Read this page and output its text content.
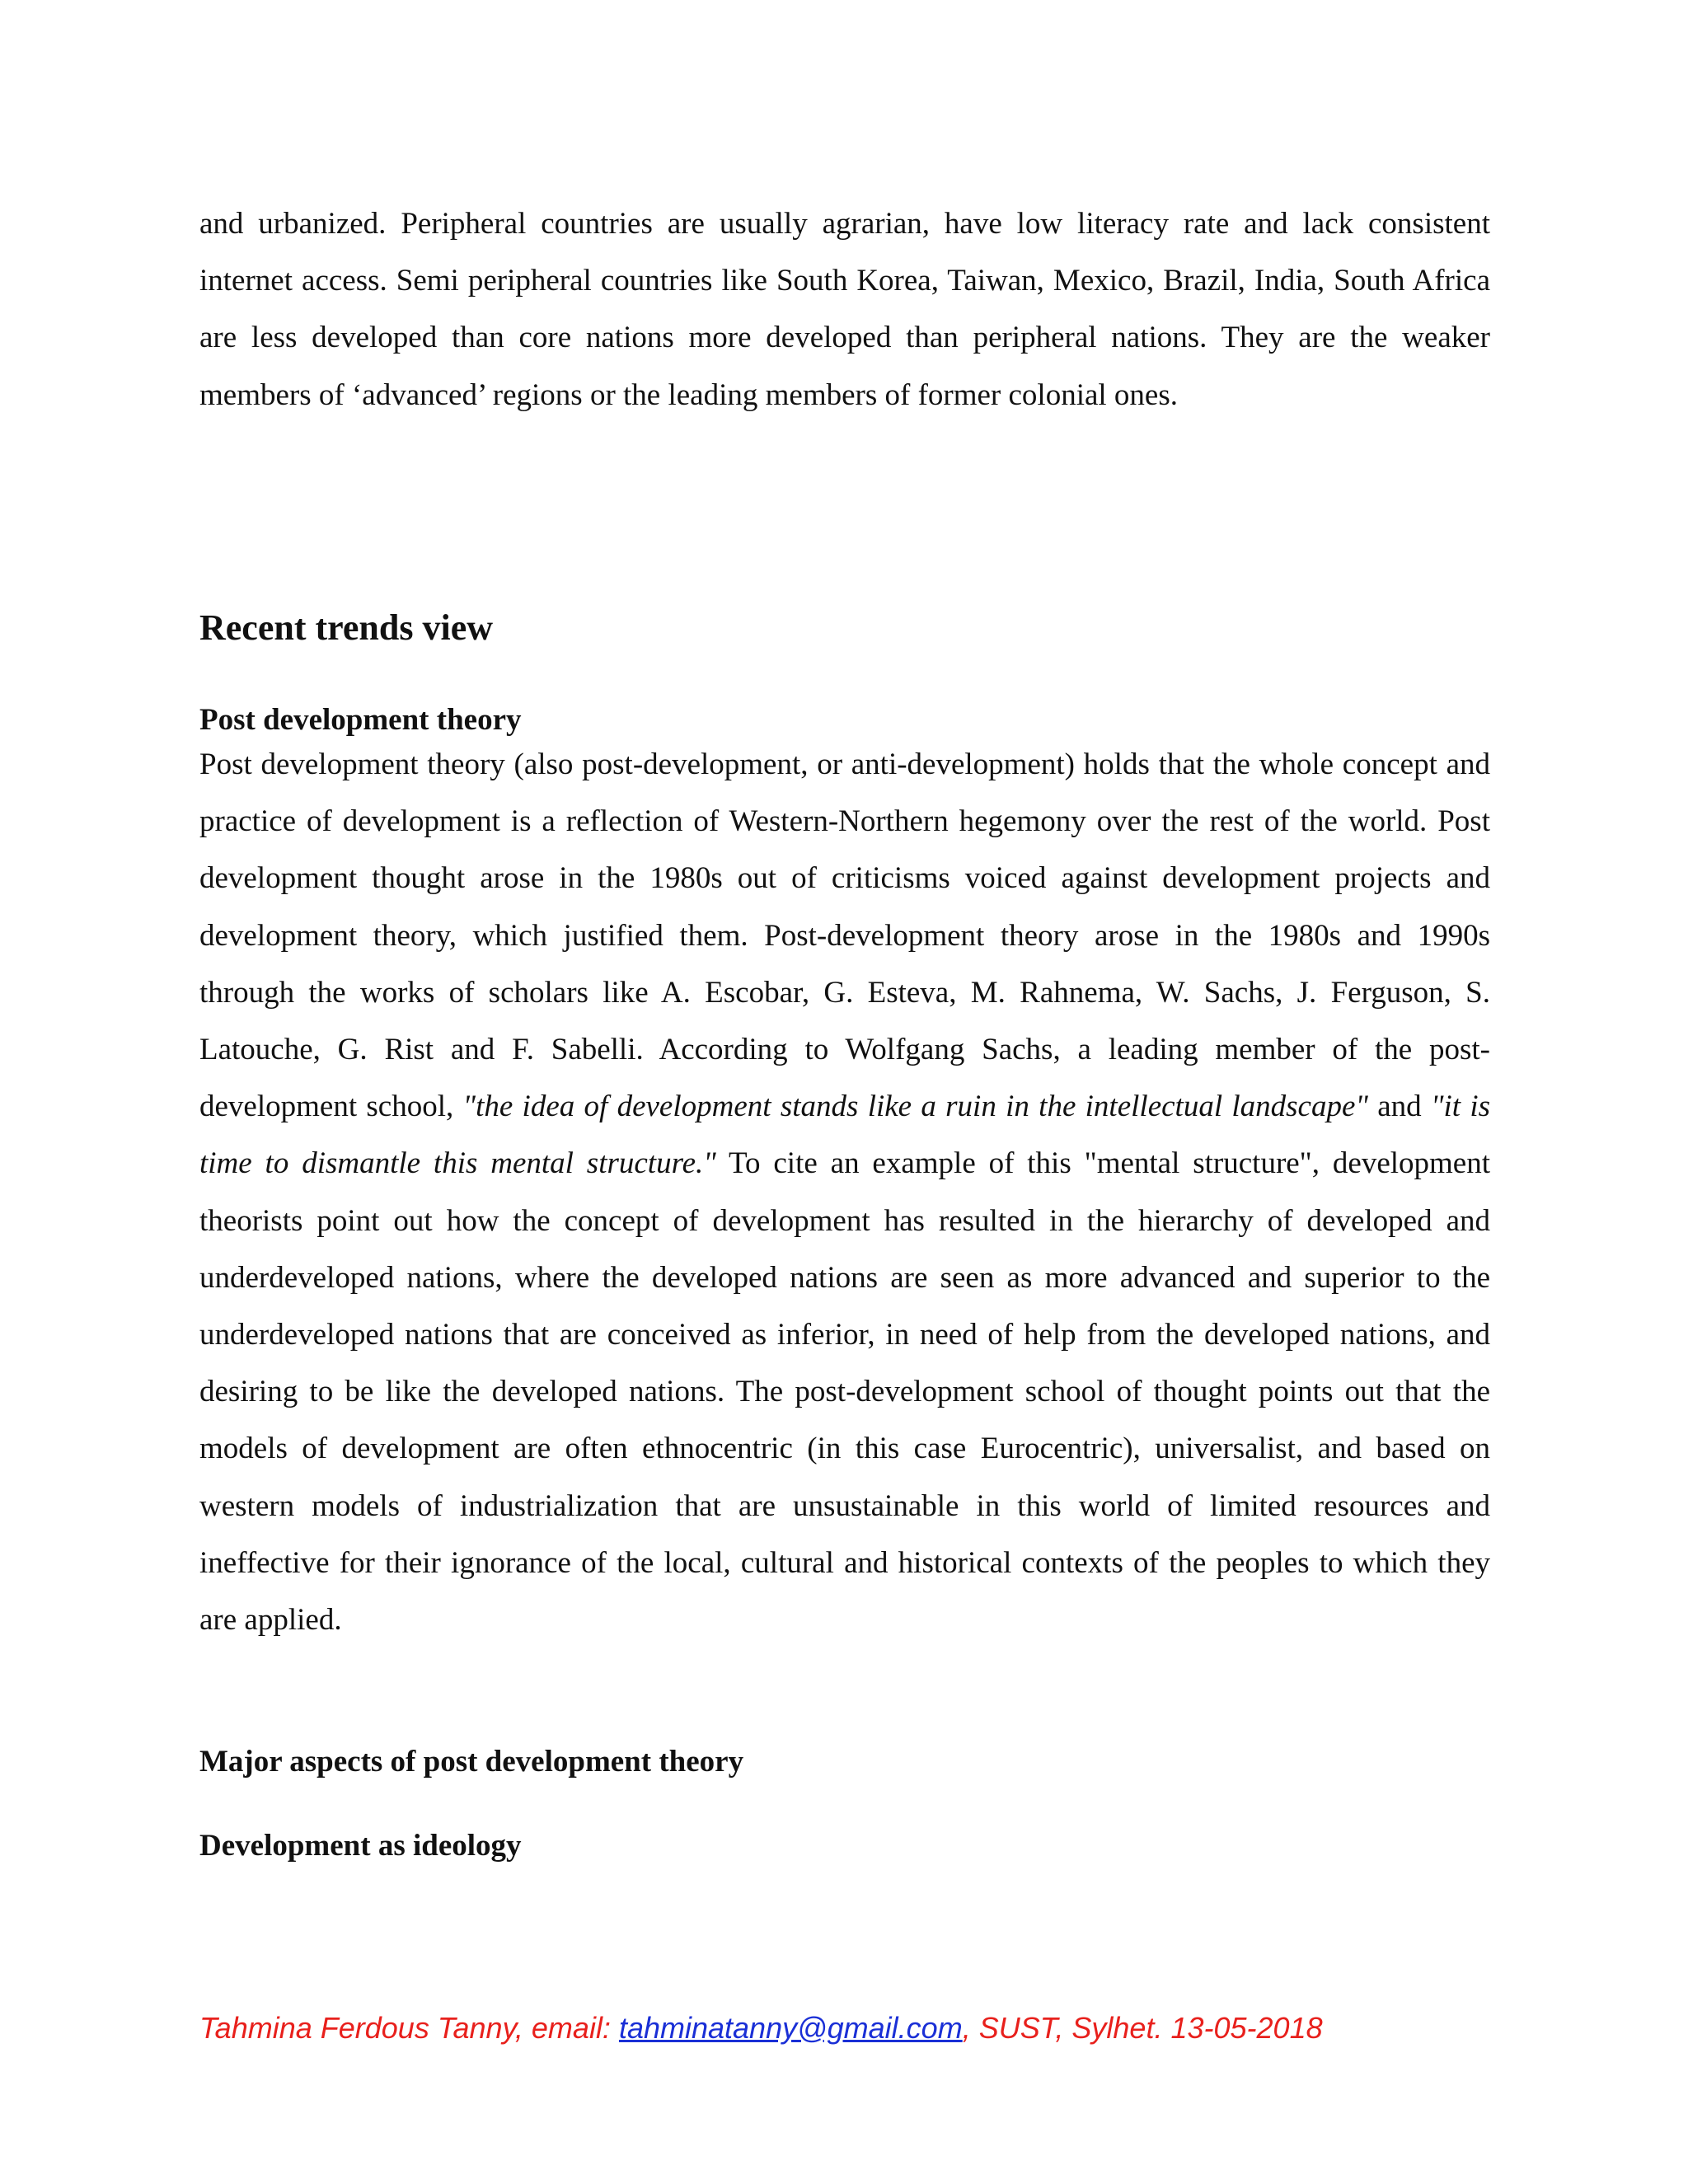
and urbanized. Peripheral countries are usually agrarian, have low literacy rate and lack consistent internet access. Semi peripheral countries like South Korea, Taiwan, Mexico, Brazil, India, South Africa are less developed than core nations more developed than peripheral nations. They are the weaker members of ‘advanced’ regions or the leading members of former colonial ones.

Recent trends view
Post development theory

Post development theory (also post-development, or anti-development) holds that the whole concept and practice of development is a reflection of Western-Northern hegemony over the rest of the world. Post development thought arose in the 1980s out of criticisms voiced against development projects and development theory, which justified them. Post-development theory arose in the 1980s and 1990s through the works of scholars like A. Escobar, G. Esteva, M. Rahnema, W. Sachs, J. Ferguson, S. Latouche, G. Rist and F. Sabelli. According to Wolfgang Sachs, a leading member of the post-development school, "the idea of development stands like a ruin in the intellectual landscape" and "it is time to dismantle this mental structure." To cite an example of this "mental structure", development theorists point out how the concept of development has resulted in the hierarchy of developed and underdeveloped nations, where the developed nations are seen as more advanced and superior to the underdeveloped nations that are conceived as inferior, in need of help from the developed nations, and desiring to be like the developed nations. The post-development school of thought points out that the models of development are often ethnocentric (in this case Eurocentric), universalist, and based on western models of industrialization that are unsustainable in this world of limited resources and ineffective for their ignorance of the local, cultural and historical contexts of the peoples to which they are applied.

Major aspects of post development theory
Development as ideology
Tahmina Ferdous Tanny, email: tahminatanny@gmail.com, SUST, Sylhet. 13-05-2018
